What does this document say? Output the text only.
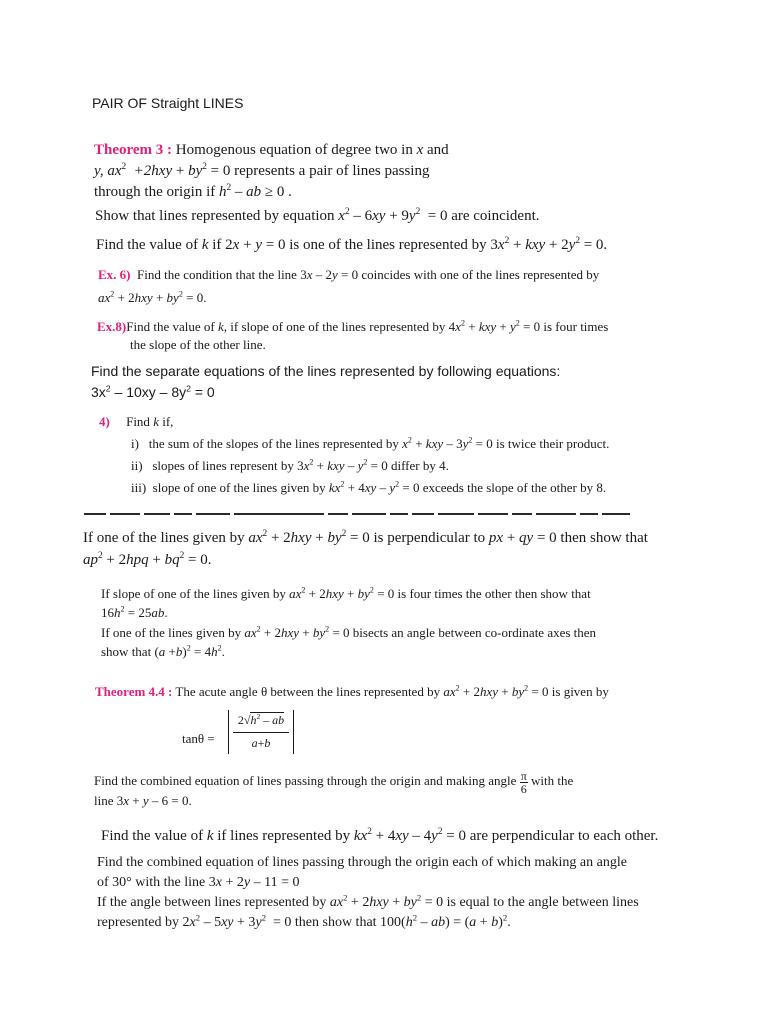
PAIR OF Straight LINES
Theorem 3 : Homogenous equation of degree two in x and
y, $ax^2 +2hxy + by^2 = 0$ represents a pair of lines passing
through the origin if $h^2$ – ab ≥ 0 .
Show that lines represented by equation $x^2 - 6xy + 9y^2 = 0$ are coincident.
Find the value of k if 2x + y = 0 is one of the lines represented by $3x^2$ + kxy + $2y^2 = 0$.
Ex. 6) Find the condition that the line 3x – 2y = 0 coincides with one of the lines represented by
$ax^2 + 2hxy + by^2 = 0$.
Ex.8)Find the value of k, if slope of one of the lines represented by $4x^2$ + kxy + $y^2 = 0$ is four times
the slope of the other line.
Find the separate equations of the lines represented by following equations:
$3x^2 - 10xy - 8y^2 = 0$
4) Find k if,
i) the sum of the slopes of the lines represented by $x^2$ + kxy – $3y^2 = 0$ is twice their product.
ii) slopes of lines represent by $3x^2$ + kxy – $y^2 = 0$ differ by 4.
iii) slope of one of the lines given by $kx^2 + 4xy - y^2 = 0$ exceeds the slope of the other by 8.
If one of the lines given by $ax^2 + 2hxy + by^2 = 0$ is perpendicular to px + qy = 0 then show that
$ap^2 + 2hpq + bq^2 = 0$.
If slope of one of the lines given by $ax^2 + 2hxy + by^2 = 0$ is four times the other then show that
$16h^2 = 25ab$.
If one of the lines given by $ax^2 + 2hxy + by^2 = 0$ bisects an angle between co-ordinate axes then
show that $(a +b)^2 = 4h^2$.
Theorem 4.4 : The acute angle θ between the lines represented by $ax^2 + 2hxy + by^2 = 0$ is given by
tanθ =
$2√h^2$ – ab
a+b
Find the combined equation of lines passing through the origin and making angle $\frac{\pi}{6}$ with the
line 3x + y – 6 = 0.
Find the value of k if lines represented by $kx^2 + 4xy - 4y^2 = 0$ are perpendicular to each other.
Find the combined equation of lines passing through the origin each of which making an angle
of 30° with the line 3x + 2y – 11 = 0
If the angle between lines represented by $ax^2 + 2hxy + by^2 = 0$ is equal to the angle between lines
represented by $2x^2 - 5xy + 3y^2 = 0$ then show that $100(h^2 - ab) = (a + b)^2$.
